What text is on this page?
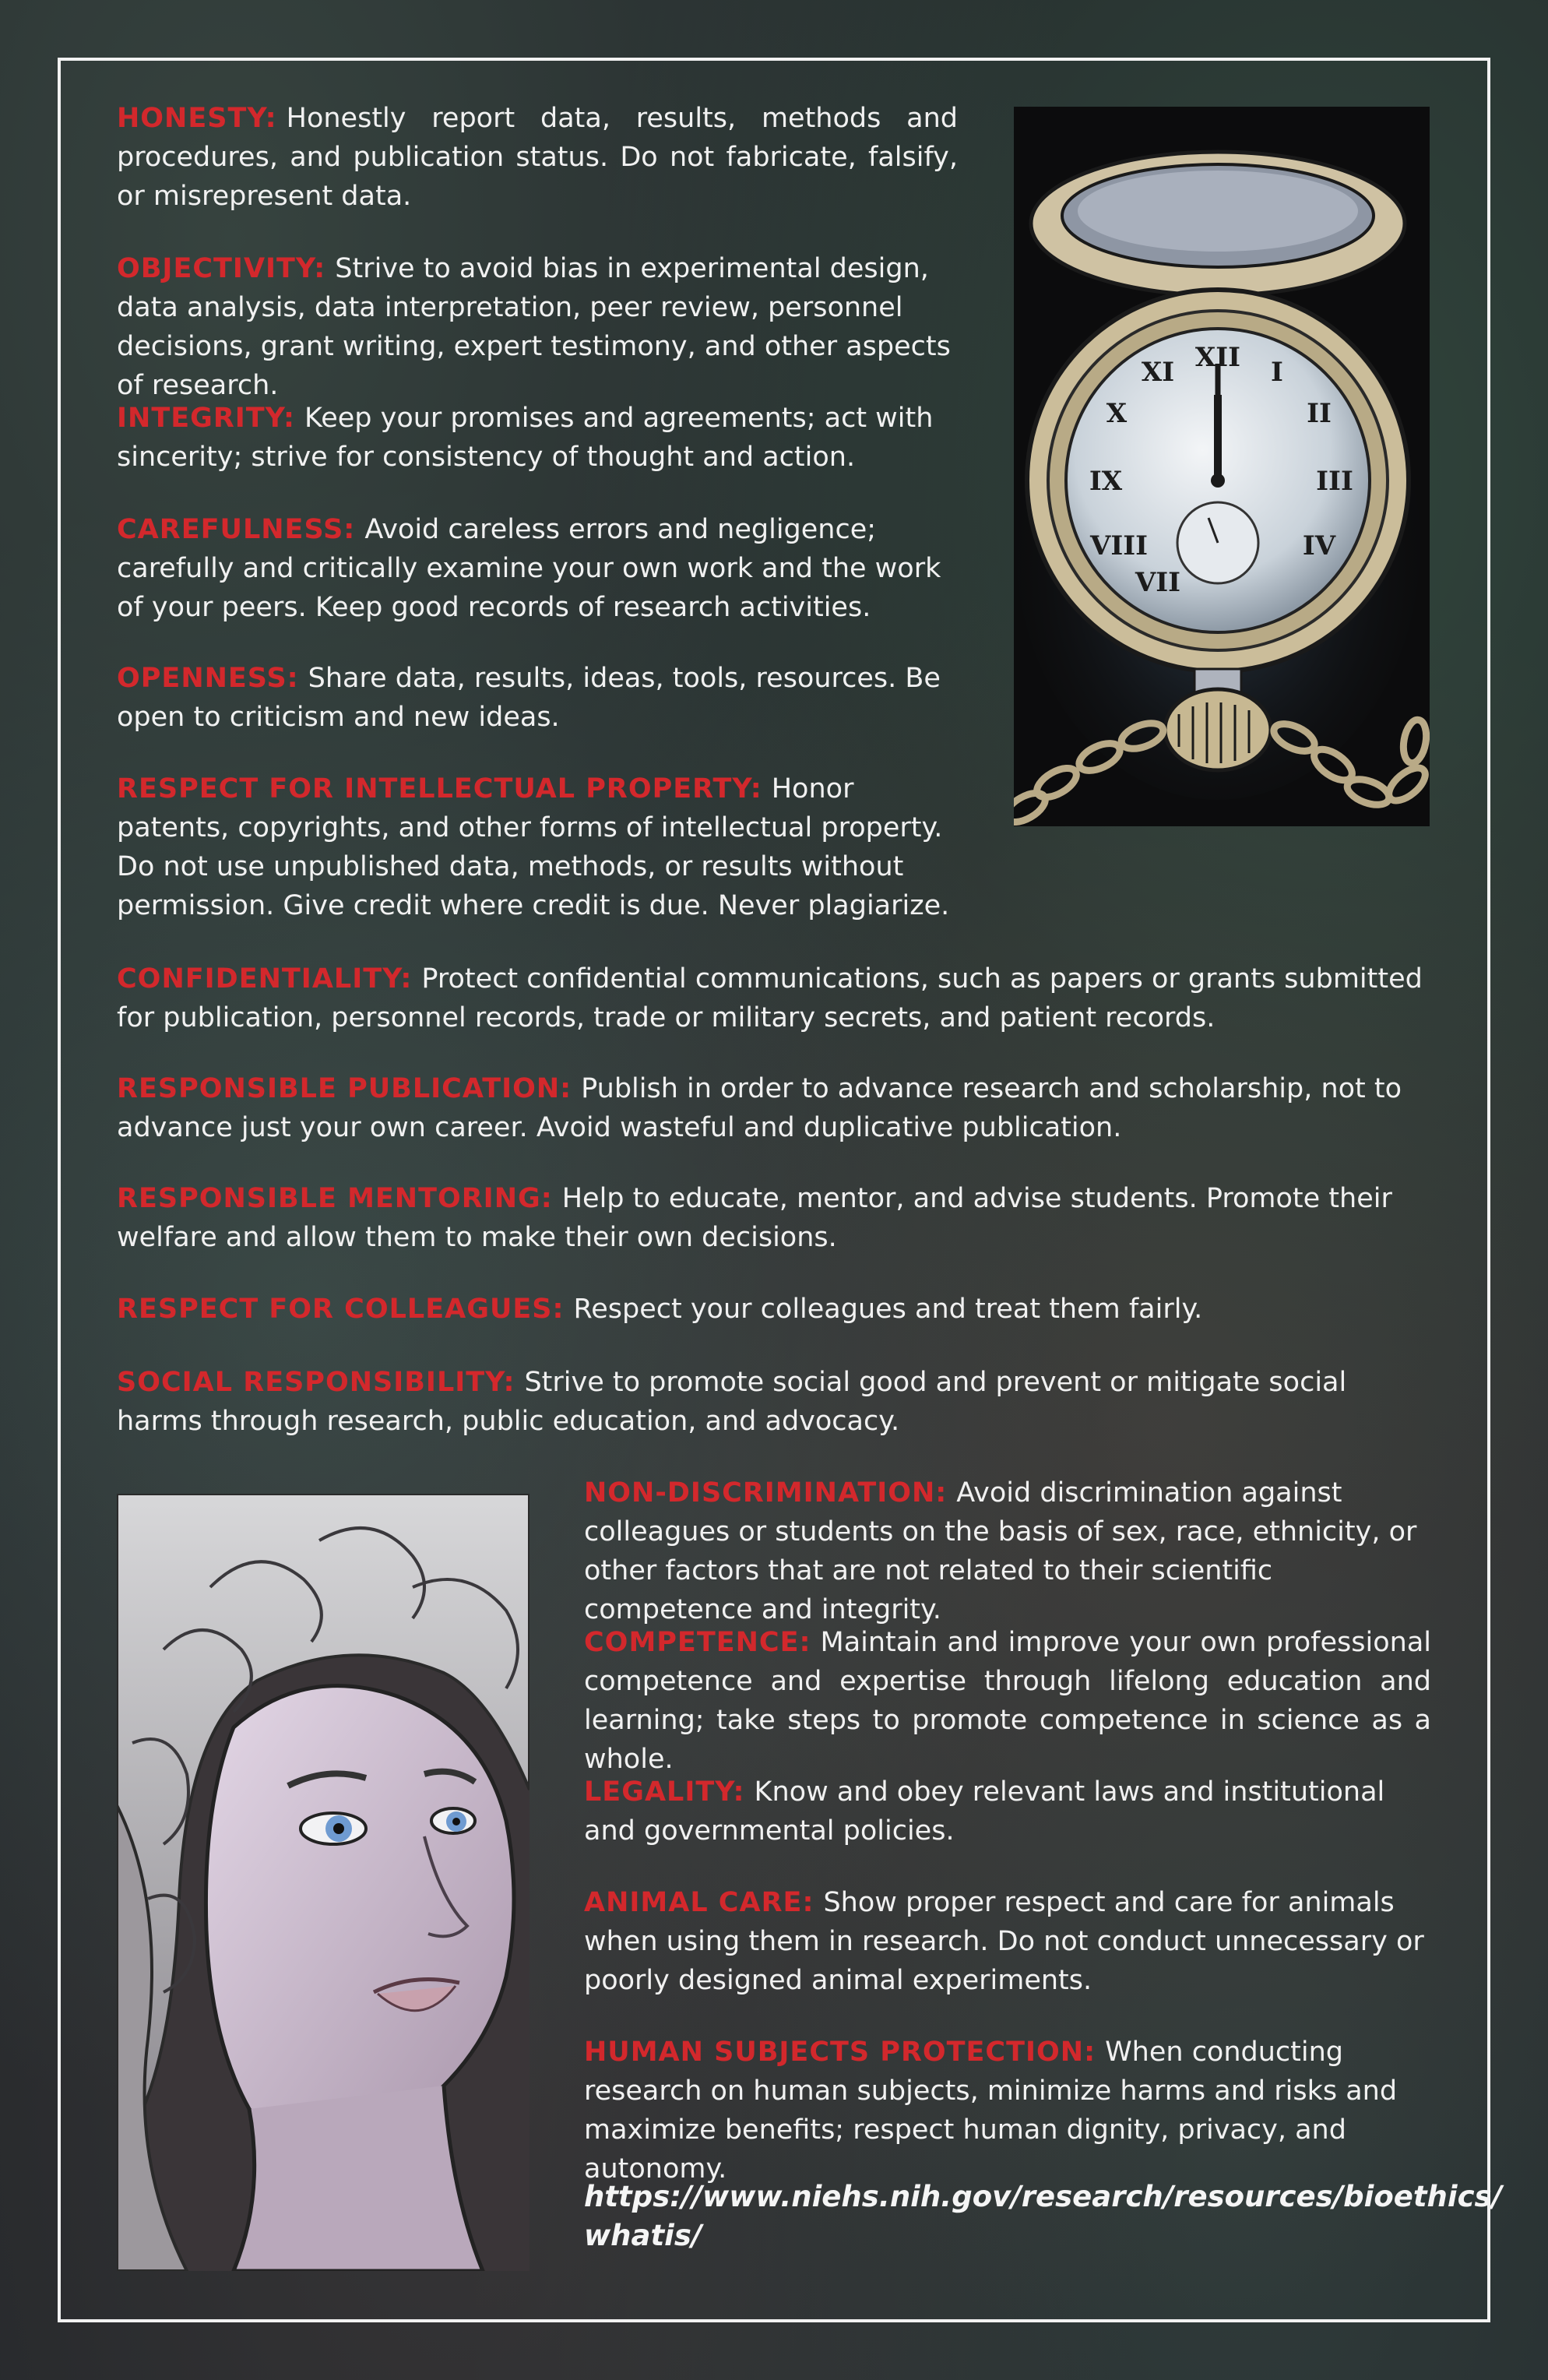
XII I
II
III
IV
XI
X
IX
VIII
VII

HONESTY: Honestly report data, results, methods and procedures, and publication status. Do not fabricate, falsify, or misrepresent data.

OBJECTIVITY: Strive to avoid bias in experimental design, data analysis, data interpretation, peer review, personnel decisions, grant writing, expert testimony, and other aspects of research.

INTEGRITY: Keep your promises and agreements; act with sincerity; strive for consistency of thought and action.

CAREFULNESS: Avoid careless errors and negligence; carefully and critically examine your own work and the work of your peers. Keep good records of research activities.

OPENNESS: Share data, results, ideas, tools, resources. Be open to criticism and new ideas.

RESPECT FOR INTELLECTUAL PROPERTY: Honor patents, copyrights, and other forms of intellectual property. Do not use unpublished data, methods, or results without permission. Give credit where credit is due. Never plagiarize.

CONFIDENTIALITY: Protect confidential communications, such as papers or grants submitted for publication, personnel records, trade or military secrets, and patient records.

RESPONSIBLE PUBLICATION: Publish in order to advance research and scholarship, not to advance just your own career. Avoid wasteful and duplicative publication.

RESPONSIBLE MENTORING: Help to educate, mentor, and advise students. Promote their welfare and allow them to make their own decisions.

RESPECT FOR COLLEAGUES: Respect your colleagues and treat them fairly.

SOCIAL RESPONSIBILITY: Strive to promote social good and prevent or mitigate social harms through research, public education, and advocacy.

NON-DISCRIMINATION: Avoid discrimination against colleagues or students on the basis of sex, race, ethnicity, or other factors that are not related to their scientific competence and integrity.

COMPETENCE: Maintain and improve your own professional competence and expertise through lifelong education and learning; take steps to promote competence in science as a whole.

LEGALITY: Know and obey relevant laws and institutional and governmental policies.

ANIMAL CARE: Show proper respect and care for animals when using them in research. Do not conduct unnecessary or poorly designed animal experiments.

HUMAN SUBJECTS PROTECTION: When conducting research on human subjects, minimize harms and risks and maximize benefits; respect human dignity, privacy, and autonomy.

https://www.niehs.nih.gov/research/resources/bioethics/ whatis/
